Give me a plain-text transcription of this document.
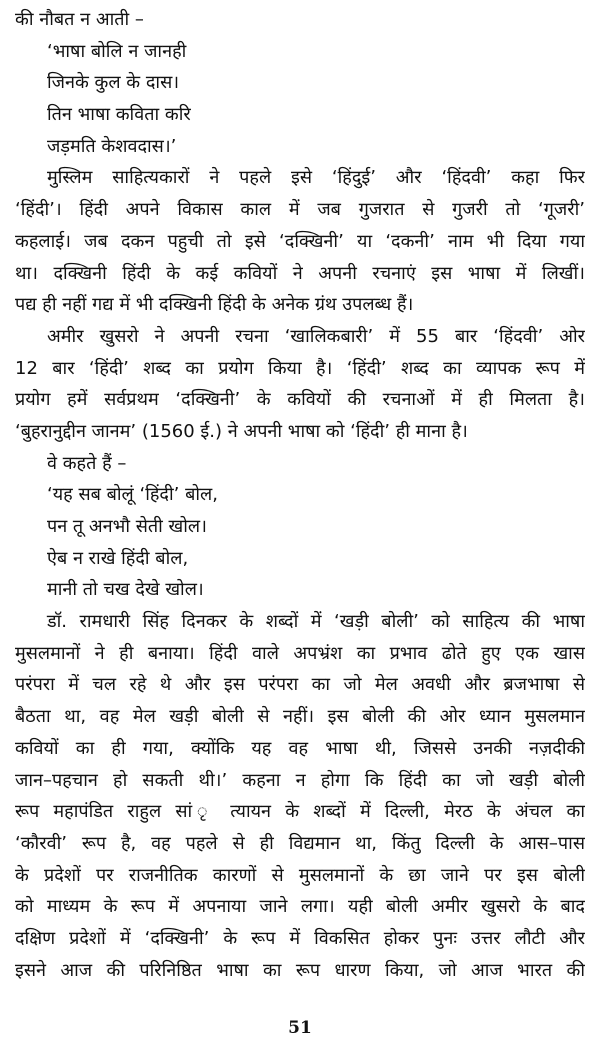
की नौबत न आती –
‘भाषा बोलि न जानही
जिनके कुल के दास।
तिन भाषा कविता करि
जड़मति केशवदास।’
मुस्लिम साहित्यकारों ने पहले इसे ‘हिंदुई’ और ‘हिंदवी’ कहा फिर
‘हिंदी’। हिंदी अपने विकास काल में जब गुजरात से गुजरी तो ‘गूजरी’
कहलाई। जब दकन पहुची तो इसे ‘दक्खिनी’ या ‘दकनी’ नाम भी दिया गया
था। दक्खिनी हिंदी के कई कवियों ने अपनी रचनाएं इस भाषा में लिखीं।
पद्य ही नहीं गद्य में भी दक्खिनी हिंदी के अनेक ग्रंथ उपलब्ध हैं।
अमीर खुसरो ने अपनी रचना ‘खालिकबारी’ में 55 बार ‘हिंदवी’ ओर
12 बार ‘हिंदी’ शब्द का प्रयोग किया है। ‘हिंदी’ शब्द का व्यापक रूप में
प्रयोग हमें सर्वप्रथम ‘दक्खिनी’ के कवियों की रचनाओं में ही मिलता है।
‘बुहरानुद्दीन जानम’ (1560 ई.) ने अपनी भाषा को ‘हिंदी’ ही माना है।
वे कहते हैं –
‘यह सब बोलूं ‘हिंदी’ बोल,
पन तू अनभौ सेती खोल।
ऐब न राखे हिंदी बोल,
मानी तो चख देखे खोल।
डॉ. रामधारी सिंह दिनकर के शब्दों में ‘खड़ी बोली’ को साहित्य की भाषा
मुसलमानों ने ही बनाया। हिंदी वाले अपभ्रंश का प्रभाव ढोते हुए एक खास
परंपरा में चल रहे थे और इस परंपरा का जो मेल अवधी और ब्रजभाषा से
बैठता था, वह मेल खड़ी बोली से नहीं। इस बोली की ओर ध्यान मुसलमान
कवियों का ही गया, क्योंकि यह वह भाषा थी, जिससे उनकी नज़दीकी
जान–पहचान हो सकती थी।’ कहना न होगा कि हिंदी का जो खड़ी बोली
रूप महापंडित राहुल सां ृ त्यायन के शब्दों में दिल्ली, मेरठ के अंचल का
‘कौरवी’ रूप है, वह पहले से ही विद्यमान था, किंतु दिल्ली के आस–पास
के प्रदेशों पर राजनीतिक कारणों से मुसलमानों के छा जाने पर इस बोली
को माध्यम के रूप में अपनाया जाने लगा। यही बोली अमीर खुसरो के बाद
दक्षिण प्रदेशों में ‘दक्खिनी’ के रूप में विकसित होकर पुनः उत्तर लौटी और
इसने आज की परिनिष्ठित भाषा का रूप धारण किया, जो आज भारत की
51
